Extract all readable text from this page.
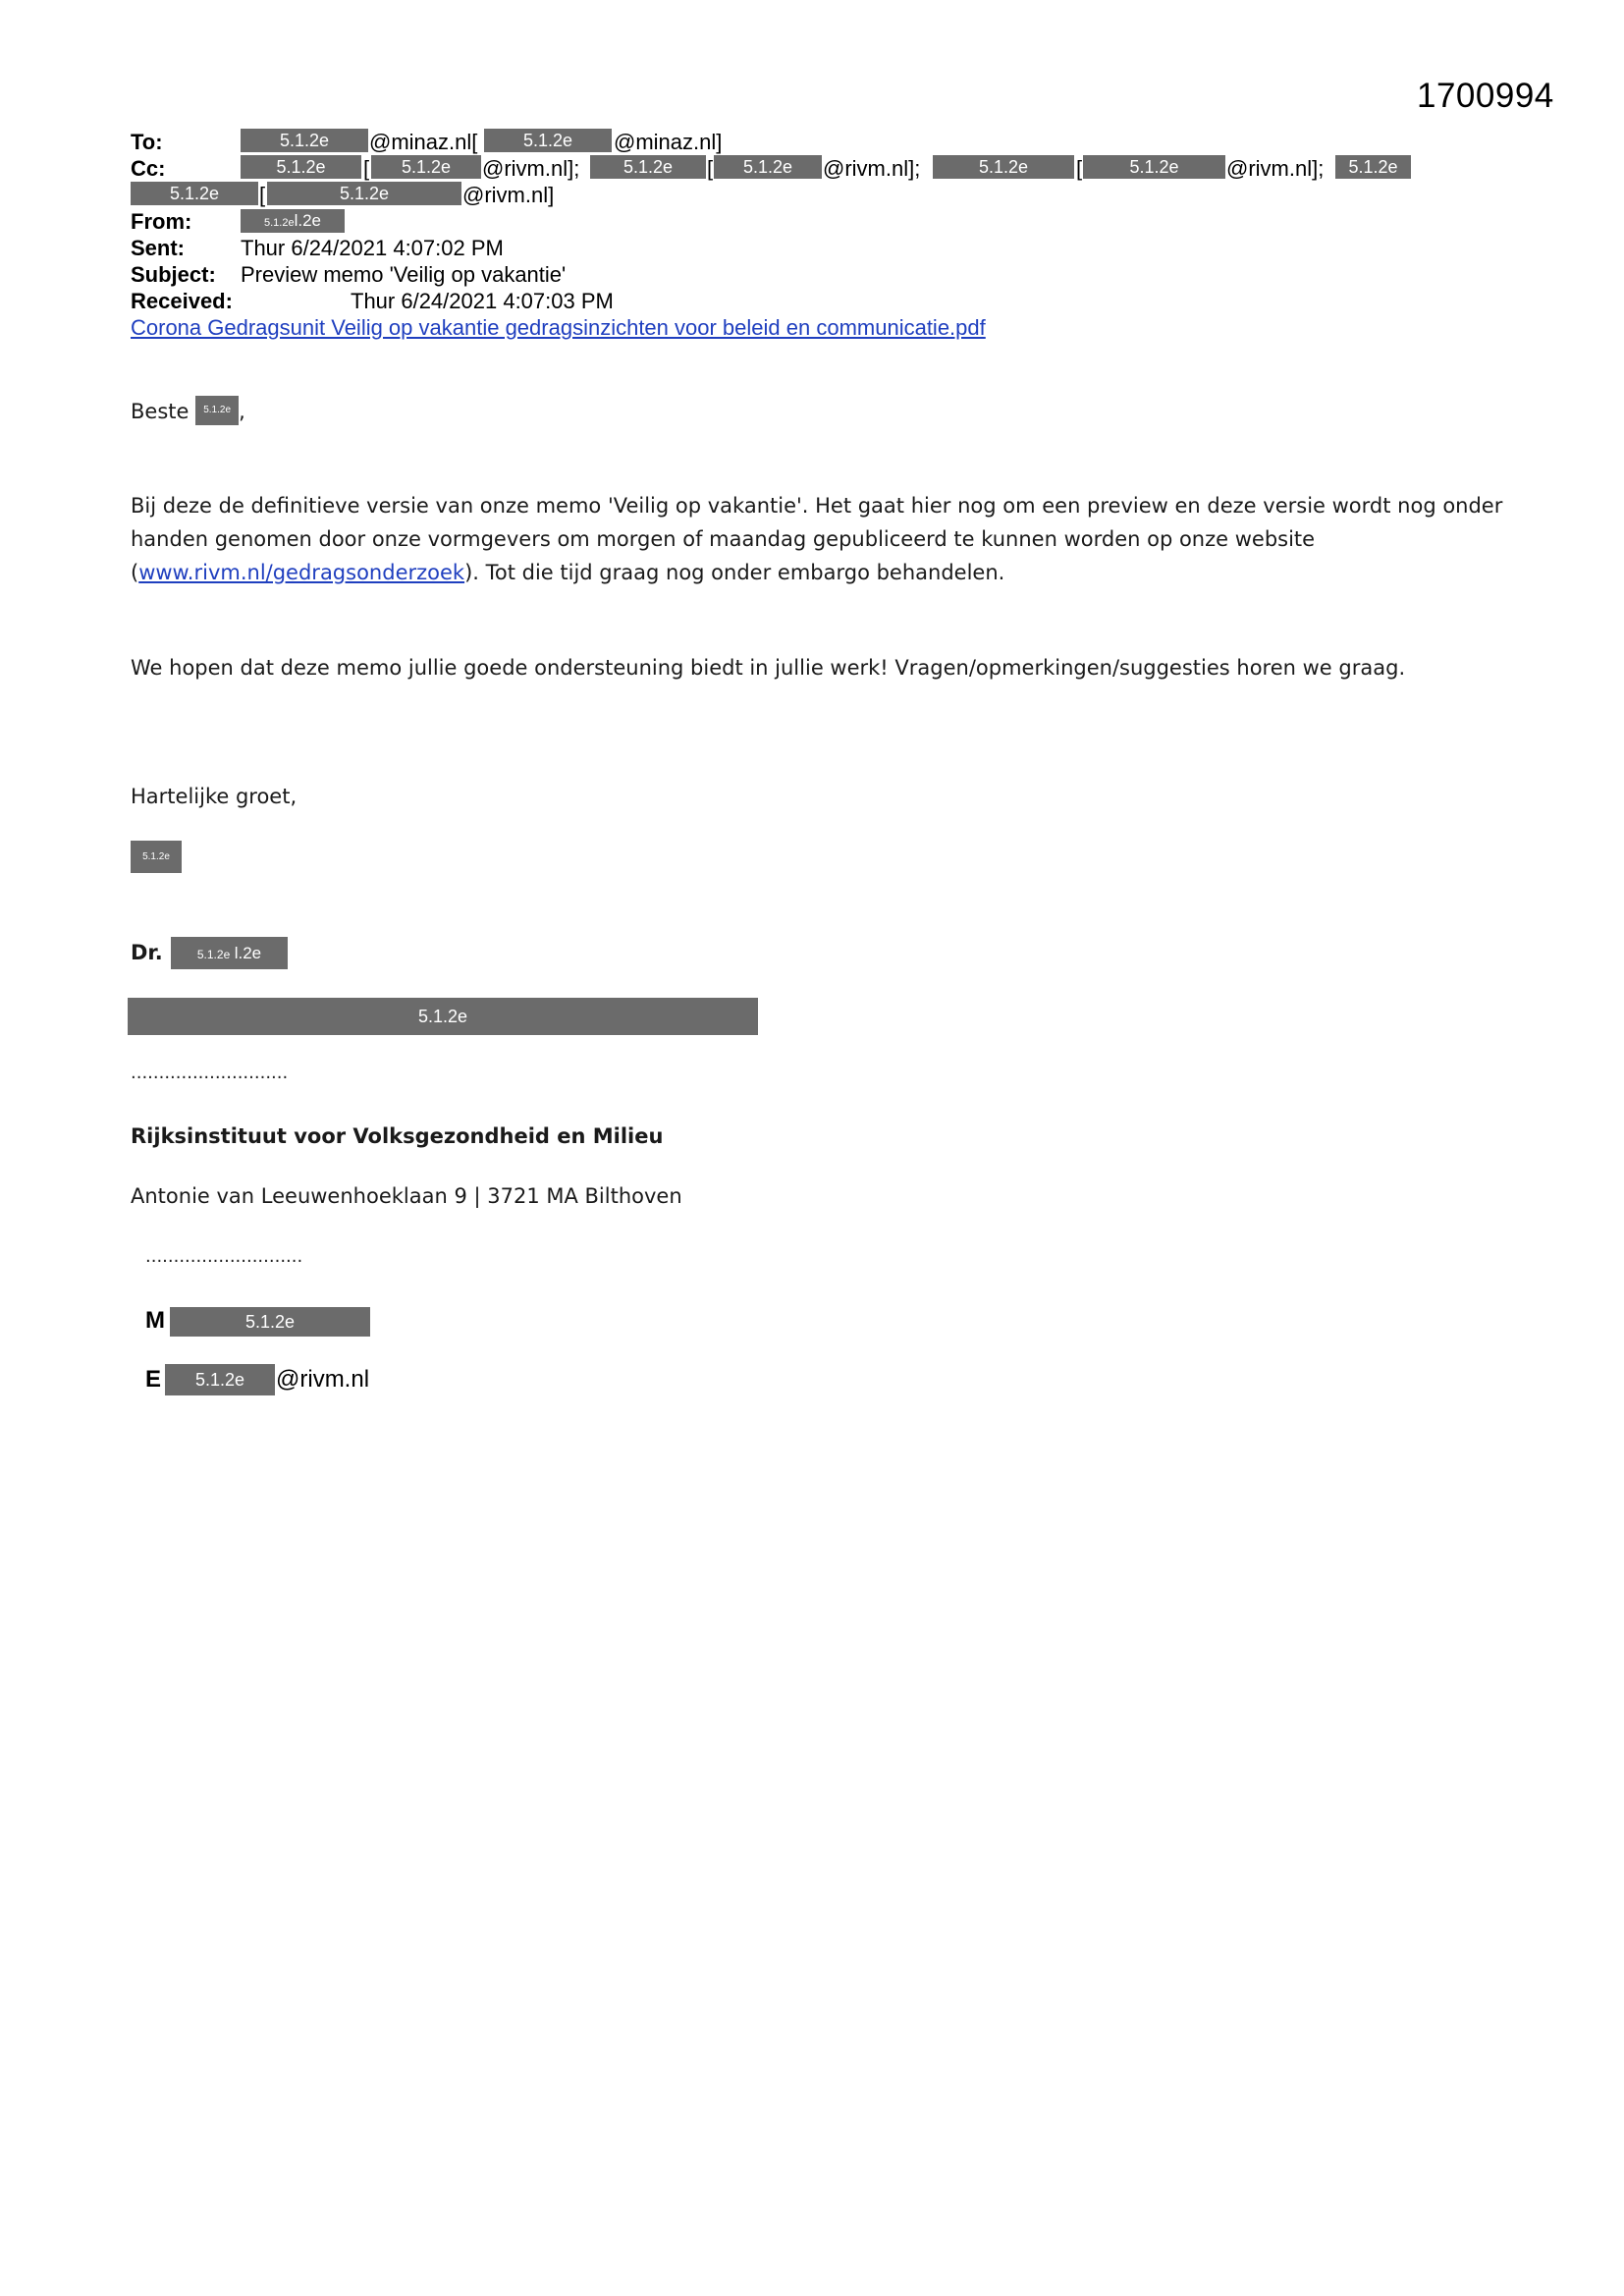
1700994
To:	5.1.2e	@minaz.nl[	5.1.2e	@minaz.nl]
Cc:	5.1.2e	[	5.1.2e	@rivm.nl];	5.1.2e	[	5.1.2e	@rivm.nl];	5.1.2e	[	5.1.2e	@rivm.nl];	5.1.2e
5.1.2e	[	5.1.2e	@rivm.nl]
From:	5.1.2el.2e
Sent:	Thur 6/24/2021 4:07:02 PM
Subject: Preview memo 'Veilig op vakantie'
Received:	Thur 6/24/2021 4:07:03 PM
Corona Gedragsunit Veilig op vakantie gedragsinzichten voor beleid en communicatie.pdf
Beste 5.1.2e ,
Bij deze de definitieve versie van onze memo 'Veilig op vakantie'. Het gaat hier nog om een preview en deze versie wordt nog onder handen genomen door onze vormgevers om morgen of maandag gepubliceerd te kunnen worden op onze website (www.rivm.nl/gedragsonderzoek). Tot die tijd graag nog onder embargo behandelen.
We hopen dat deze memo jullie goede ondersteuning biedt in jullie werk! Vragen/opmerkingen/suggesties horen we graag.
Hartelijke groet,
5.1.2e
Dr.	5.1.2e l.2e
5.1.2e
............................
Rijksinstituut voor Volksgezondheid en Milieu
Antonie van Leeuwenhoeklaan 9 | 3721 MA Bilthoven
............................
M	5.1.2e
E	5.1.2e	@rivm.nl
